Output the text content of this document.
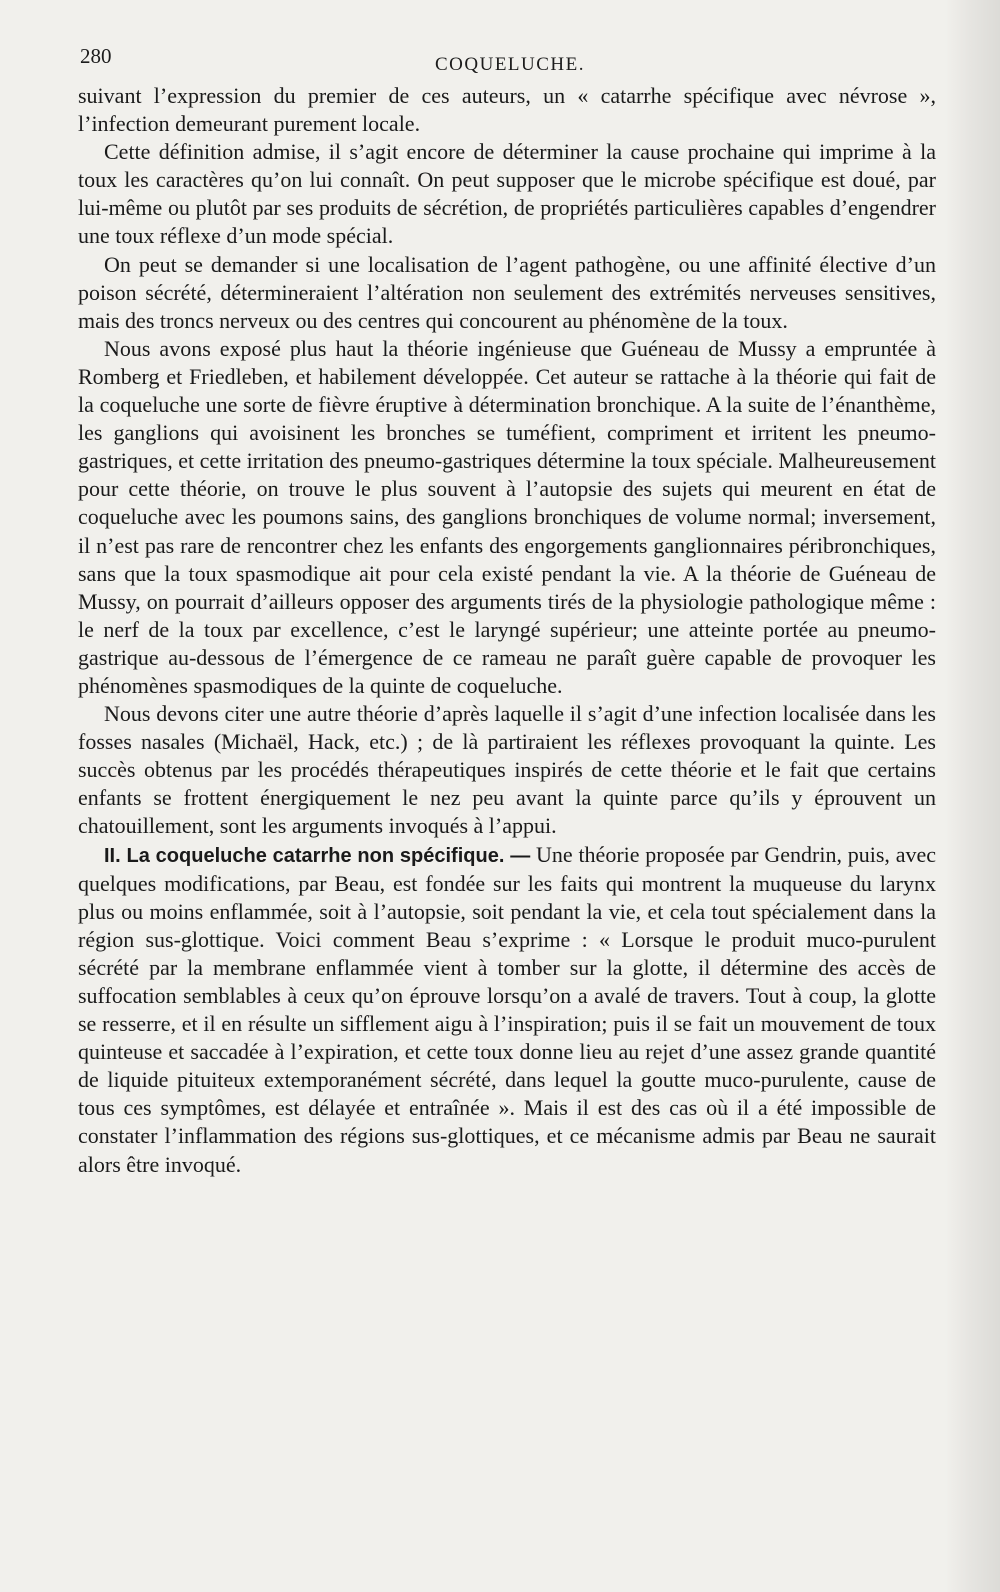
280	COQUELUCHE.

suivant l’expression du premier de ces auteurs, un « catarrhe spécifique avec névrose », l’infection demeurant purement locale.

Cette définition admise, il s’agit encore de déterminer la cause prochaine qui imprime à la toux les caractères qu’on lui connaît. On peut supposer que le microbe spécifique est doué, par lui-même ou plutôt par ses produits de sécrétion, de propriétés particulières capables d’engendrer une toux réflexe d’un mode spécial.

On peut se demander si une localisation de l’agent pathogène, ou une affinité élective d’un poison sécrété, détermineraient l’altération non seulement des extrémités nerveuses sensitives, mais des troncs nerveux ou des centres qui concourent au phénomène de la toux.

Nous avons exposé plus haut la théorie ingénieuse que Guéneau de Mussy a empruntée à Romberg et Friedleben, et habilement développée. Cet auteur se rattache à la théorie qui fait de la coqueluche une sorte de fièvre éruptive à détermination bronchique. A la suite de l’énanthème, les ganglions qui avoisinent les bronches se tuméfient, compriment et irritent les pneumo-gastriques, et cette irritation des pneumo-gastriques détermine la toux spéciale. Malheureusement pour cette théorie, on trouve le plus souvent à l’autopsie des sujets qui meurent en état de coqueluche avec les poumons sains, des ganglions bronchiques de volume normal; inversement, il n’est pas rare de rencontrer chez les enfants des engorgements ganglionnaires péribronchiques, sans que la toux spasmodique ait pour cela existé pendant la vie. A la théorie de Guéneau de Mussy, on pourrait d’ailleurs opposer des arguments tirés de la physiologie pathologique même : le nerf de la toux par excellence, c’est le laryngé supérieur; une atteinte portée au pneumo-gastrique au-dessous de l’émergence de ce rameau ne paraît guère capable de provoquer les phénomènes spasmodiques de la quinte de coqueluche.

Nous devons citer une autre théorie d’après laquelle il s’agit d’une infection localisée dans les fosses nasales (Michaël, Hack, etc.) ; de là partiraient les réflexes provoquant la quinte. Les succès obtenus par les procédés thérapeutiques inspirés de cette théorie et le fait que certains enfants se frottent énergiquement le nez peu avant la quinte parce qu’ils y éprouvent un chatouillement, sont les arguments invoqués à l’appui.

II. La coqueluche catarrhe non spécifique. — Une théorie proposée par Gendrin, puis, avec quelques modifications, par Beau, est fondée sur les faits qui montrent la muqueuse du larynx plus ou moins enflammée, soit à l’autopsie, soit pendant la vie, et cela tout spécialement dans la région sus-glottique. Voici comment Beau s’exprime : « Lorsque le produit muco-purulent sécrété par la membrane enflammée vient à tomber sur la glotte, il détermine des accès de suffocation semblables à ceux qu’on éprouve lorsqu’on a avalé de travers. Tout à coup, la glotte se resserre, et il en résulte un sifflement aigu à l’inspiration; puis il se fait un mouvement de toux quinteuse et saccadée à l’expiration, et cette toux donne lieu au rejet d’une assez grande quantité de liquide pituiteux extemporanément sécrété, dans lequel la goutte muco-purulente, cause de tous ces symptômes, est délayée et entraînée ». Mais il est des cas où il a été impossible de constater l’inflammation des régions sus-glottiques, et ce mécanisme admis par Beau ne saurait alors être invoqué.
